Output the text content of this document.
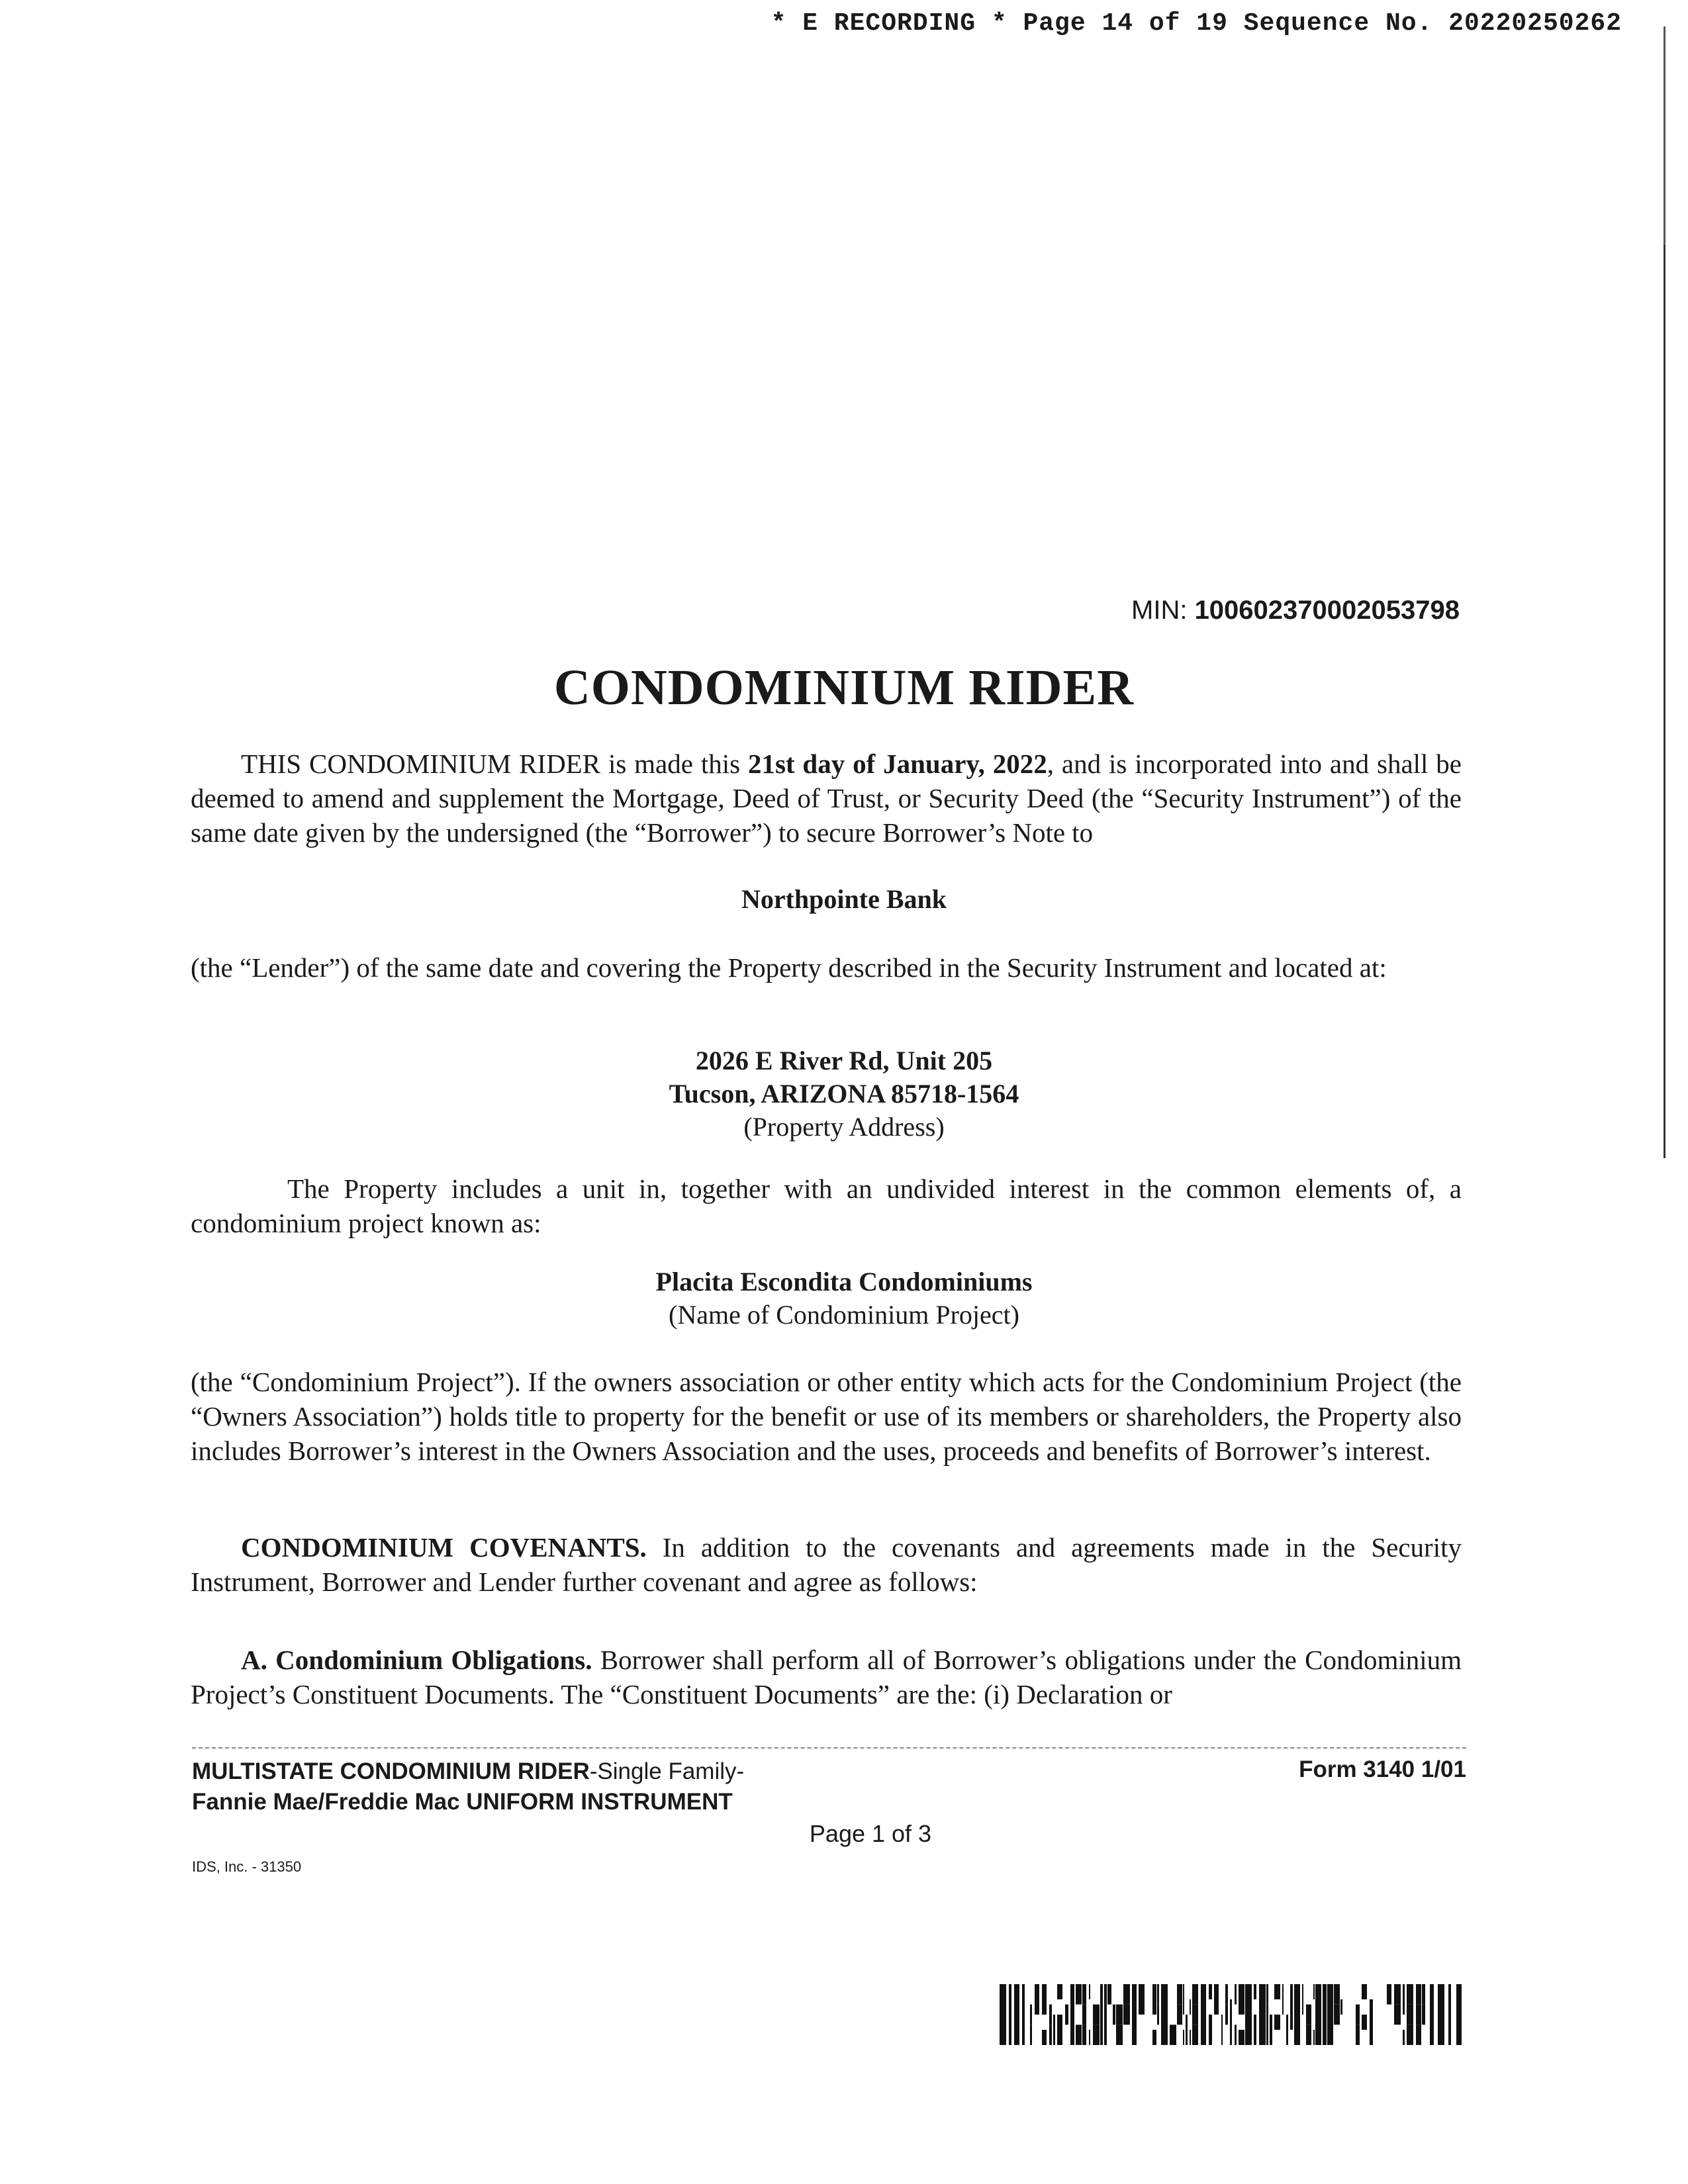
* E RECORDING * Page 14 of 19 Sequence No. 20220250262
MIN: 100602370002053798
CONDOMINIUM RIDER
THIS CONDOMINIUM RIDER is made this 21st day of January, 2022, and is incorporated into and shall be deemed to amend and supplement the Mortgage, Deed of Trust, or Security Deed (the “Security Instrument”) of the same date given by the undersigned (the “Borrower”) to secure Borrower’s Note to
Northpointe Bank
(the “Lender”) of the same date and covering the Property described in the Security Instrument and located at:
2026 E River Rd, Unit 205
Tucson, ARIZONA 85718-1564
(Property Address)
The Property includes a unit in, together with an undivided interest in the common elements of, a condominium project known as:
Placita Escondita Condominiums
(Name of Condominium Project)
(the “Condominium Project”). If the owners association or other entity which acts for the Condominium Project (the “Owners Association”) holds title to property for the benefit or use of its members or shareholders, the Property also includes Borrower’s interest in the Owners Association and the uses, proceeds and benefits of Borrower’s interest.
CONDOMINIUM COVENANTS. In addition to the covenants and agreements made in the Security Instrument, Borrower and Lender further covenant and agree as follows:
A. Condominium Obligations. Borrower shall perform all of Borrower’s obligations under the Condominium Project’s Constituent Documents. The “Constituent Documents” are the: (i) Declaration or
MULTISTATE CONDOMINIUM RIDER-Single Family-
Fannie Mae/Freddie Mac UNIFORM INSTRUMENT
Form 3140 1/01
Page 1 of 3
IDS, Inc. - 31350
